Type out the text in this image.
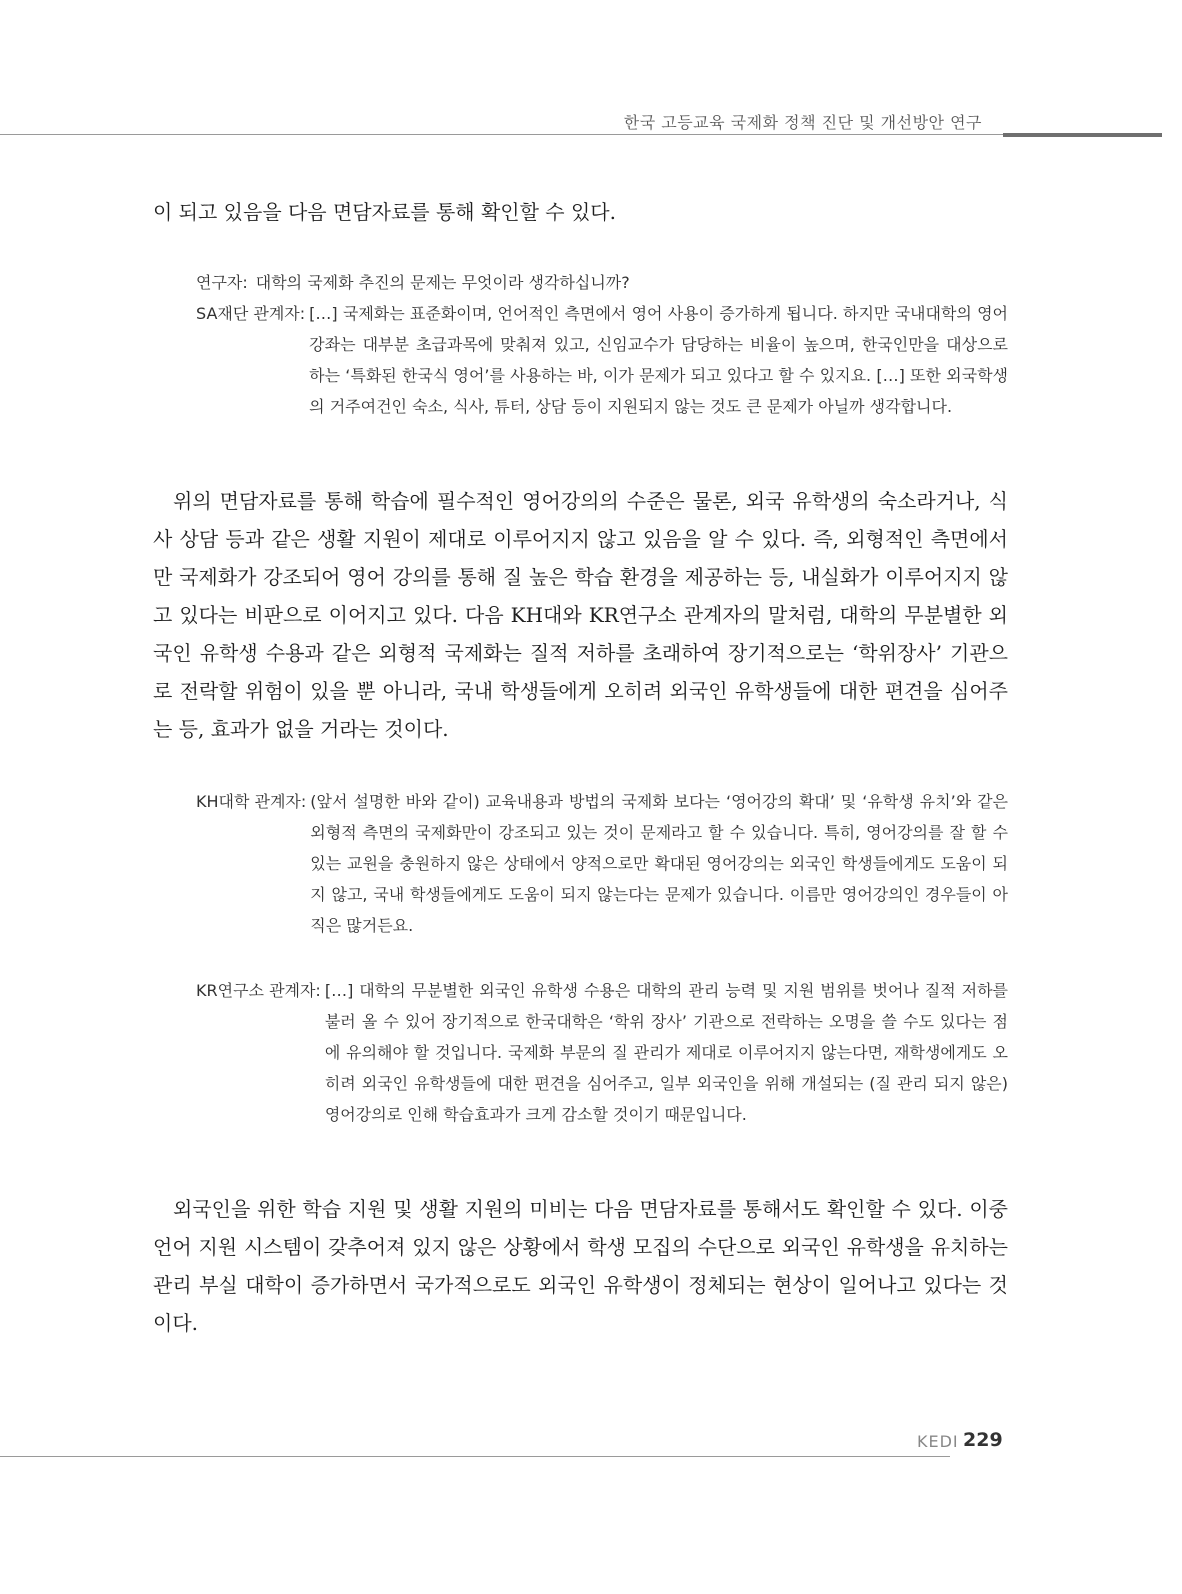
한국 고등교육 국제화 정책 진단 및 개선방안 연구

이 되고 있음을 다음 면담자료를 통해 확인할 수 있다.

연구자: 대학의 국제화 추진의 문제는 무엇이라 생각하십니까?
SA재단 관계자: […] 국제화는 표준화이며, 언어적인 측면에서 영어 사용이 증가하게 됩니다. 하지만 국내대학의 영어강좌는 대부분 초급과목에 맞춰져 있고, 신임교수가 담당하는 비율이 높으며, 한국인만을 대상으로 하는 ‘특화된 한국식 영어’를 사용하는 바, 이가 문제가 되고 있다고 할 수 있지요. […] 또한 외국학생의 거주여건인 숙소, 식사, 튜터, 상담 등이 지원되지 않는 것도 큰 문제가 아닐까 생각합니다.

위의 면담자료를 통해 학습에 필수적인 영어강의의 수준은 물론, 외국 유학생의 숙소라거나, 식사 상담 등과 같은 생활 지원이 제대로 이루어지지 않고 있음을 알 수 있다. 즉, 외형적인 측면에서만 국제화가 강조되어 영어 강의를 통해 질 높은 학습 환경을 제공하는 등, 내실화가 이루어지지 않고 있다는 비판으로 이어지고 있다. 다음 KH대와 KR연구소 관계자의 말처럼, 대학의 무분별한 외국인 유학생 수용과 같은 외형적 국제화는 질적 저하를 초래하여 장기적으로는 ‘학위장사’ 기관으로 전락할 위험이 있을 뿐 아니라, 국내 학생들에게 오히려 외국인 유학생들에 대한 편견을 심어주는 등, 효과가 없을 거라는 것이다.

KH대학 관계자: (앞서 설명한 바와 같이) 교육내용과 방법의 국제화 보다는 ‘영어강의 확대’ 및 ‘유학생 유치’와 같은 외형적 측면의 국제화만이 강조되고 있는 것이 문제라고 할 수 있습니다. 특히, 영어강의를 잘 할 수 있는 교원을 충원하지 않은 상태에서 양적으로만 확대된 영어강의는 외국인 학생들에게도 도움이 되지 않고, 국내 학생들에게도 도움이 되지 않는다는 문제가 있습니다. 이름만 영어강의인 경우들이 아직은 많거든요.
KR연구소 관계자: […] 대학의 무분별한 외국인 유학생 수용은 대학의 관리 능력 및 지원 범위를 벗어나 질적 저하를 불러 올 수 있어 장기적으로 한국대학은 ‘학위 장사’ 기관으로 전락하는 오명을 쓸 수도 있다는 점에 유의해야 할 것입니다. 국제화 부문의 질 관리가 제대로 이루어지지 않는다면, 재학생에게도 오히려 외국인 유학생들에 대한 편견을 심어주고, 일부 외국인을 위해 개설되는 (질 관리 되지 않은) 영어강의로 인해 학습효과가 크게 감소할 것이기 때문입니다.

외국인을 위한 학습 지원 및 생활 지원의 미비는 다음 면담자료를 통해서도 확인할 수 있다. 이중 언어 지원 시스템이 갖추어져 있지 않은 상황에서 학생 모집의 수단으로 외국인 유학생을 유치하는 관리 부실 대학이 증가하면서 국가적으로도 외국인 유학생이 정체되는 현상이 일어나고 있다는 것이다.

KEDI 229
